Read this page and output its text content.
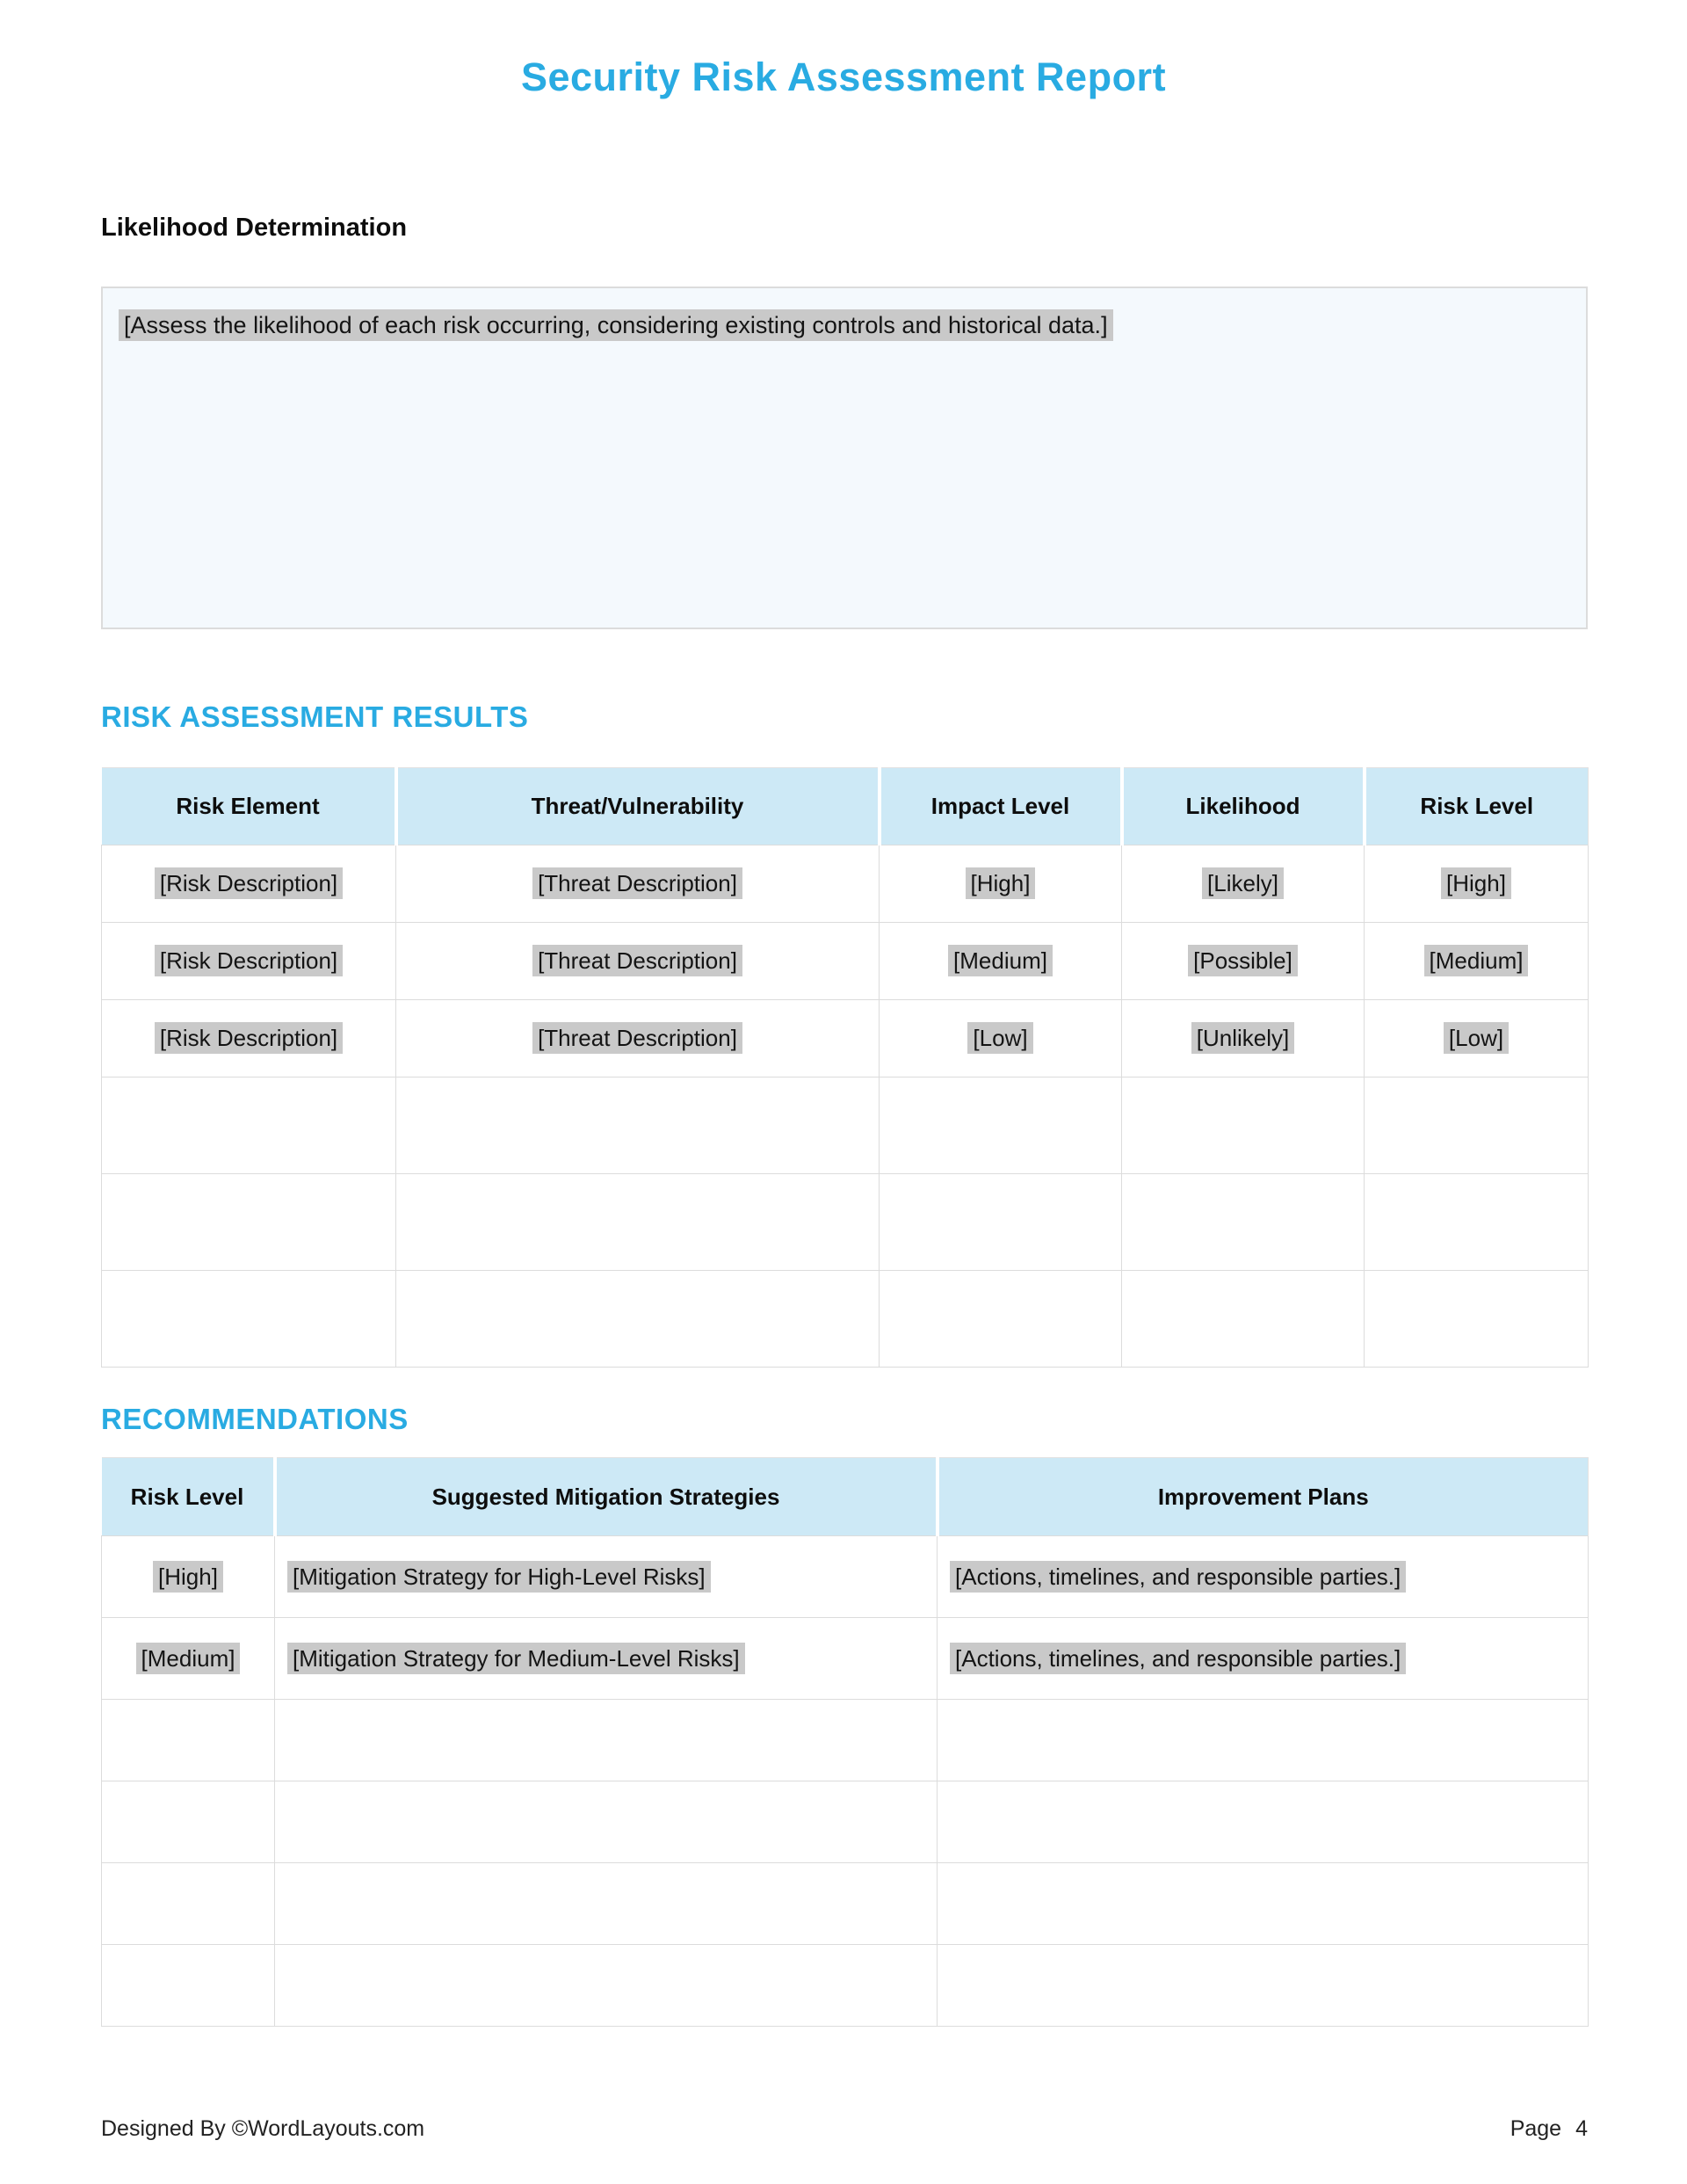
Security Risk Assessment Report
Likelihood Determination
[Assess the likelihood of each risk occurring, considering existing controls and historical data.]
RISK ASSESSMENT RESULTS
Risk Element	Threat/Vulnerability	Impact Level	Likelihood	Risk Level
[Risk Description]	[Threat Description]	[High]	[Likely]	[High]
[Risk Description]	[Threat Description]	[Medium]	[Possible]	[Medium]
[Risk Description]	[Threat Description]	[Low]	[Unlikely]	[Low]

RECOMMENDATIONS
Risk Level	Suggested Mitigation Strategies	Improvement Plans
[High]	[Mitigation Strategy for High-Level Risks]	[Actions, timelines, and responsible parties.]
[Medium]	[Mitigation Strategy for Medium-Level Risks]	[Actions, timelines, and responsible parties.]

Designed By ©WordLayouts.com	Page 4
